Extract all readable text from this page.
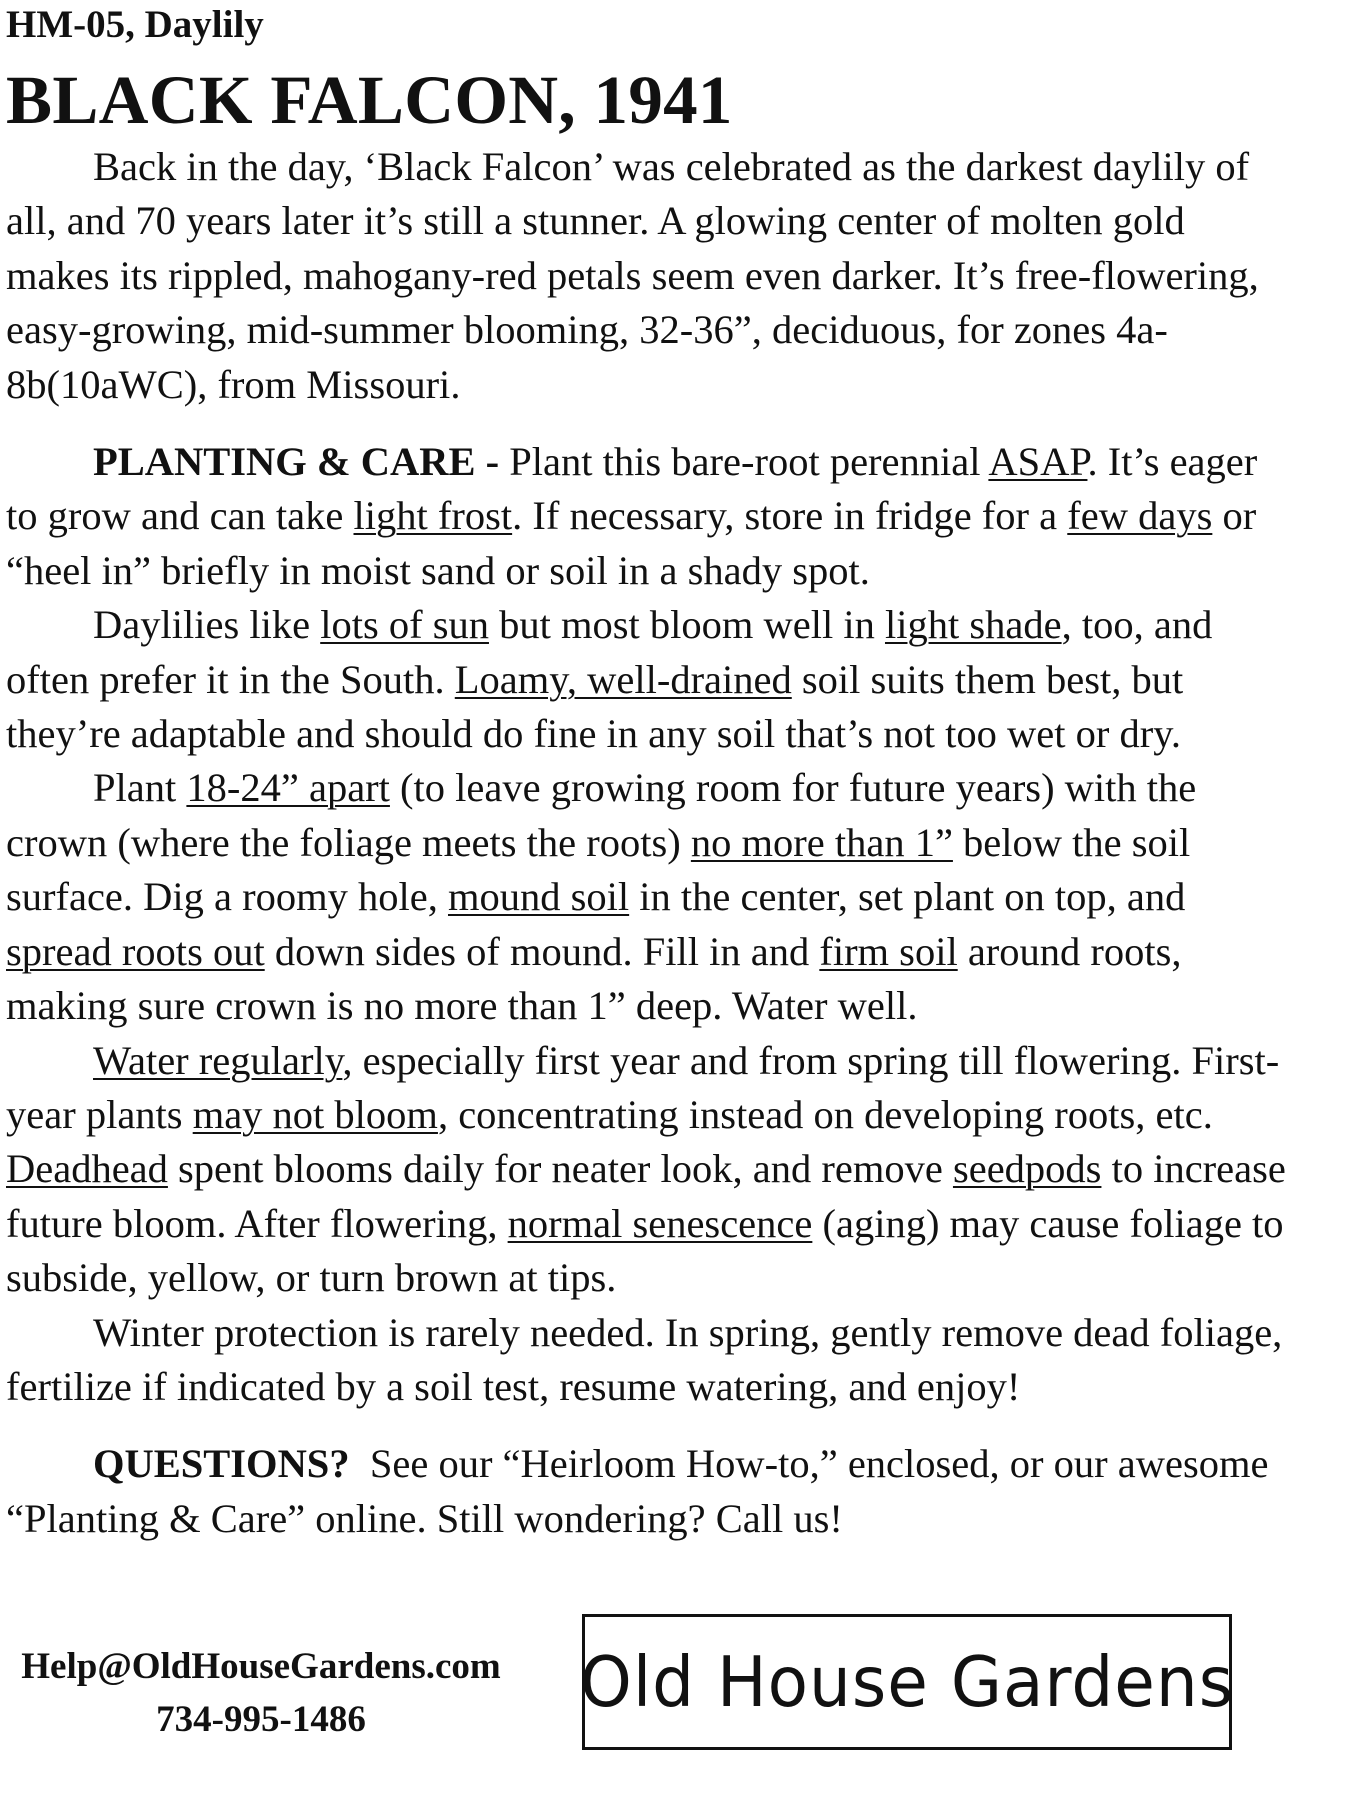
HM-05, Daylily
BLACK FALCON, 1941

Back in the day, ‘Black Falcon’ was celebrated as the darkest daylily of all, and 70 years later it’s still a stunner. A glowing center of molten gold makes its rippled, mahogany-red petals seem even darker. It’s free-flowering, easy-growing, mid-summer blooming, 32-36”, deciduous, for zones 4a-8b(10aWC), from Missouri.

PLANTING & CARE - Plant this bare-root perennial ASAP. It’s eager to grow and can take light frost. If necessary, store in fridge for a few days or “heel in” briefly in moist sand or soil in a shady spot.

Daylilies like lots of sun but most bloom well in light shade, too, and often prefer it in the South. Loamy, well-drained soil suits them best, but they’re adaptable and should do fine in any soil that’s not too wet or dry.

Plant 18-24” apart (to leave growing room for future years) with the crown (where the foliage meets the roots) no more than 1” below the soil surface. Dig a roomy hole, mound soil in the center, set plant on top, and spread roots out down sides of mound. Fill in and firm soil around roots, making sure crown is no more than 1” deep. Water well.

Water regularly, especially first year and from spring till flowering. First-year plants may not bloom, concentrating instead on developing roots, etc. Deadhead spent blooms daily for neater look, and remove seedpods to increase future bloom. After flowering, normal senescence (aging) may cause foliage to subside, yellow, or turn brown at tips.

Winter protection is rarely needed. In spring, gently remove dead foliage, fertilize if indicated by a soil test, resume watering, and enjoy!

QUESTIONS?  See our “Heirloom How-to,” enclosed, or our awesome “Planting & Care” online. Still wondering? Call us!

Help@OldHouseGardens.com
734-995-1486	Old House Gardens
